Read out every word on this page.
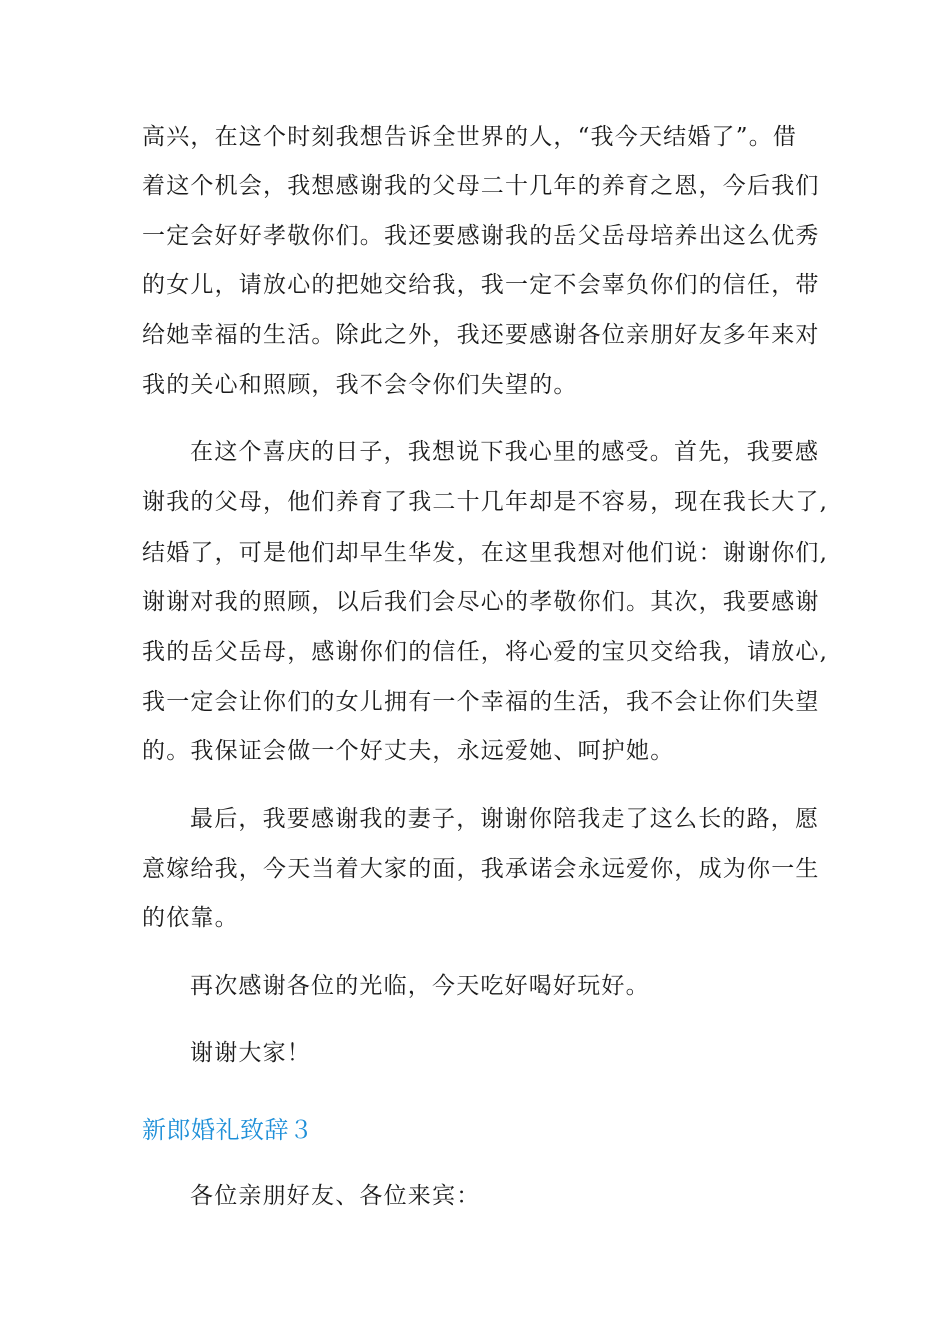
高兴，在这个时刻我想告诉全世界的人，“我今天结婚了”。借
着这个机会，我想感谢我的父母二十几年的养育之恩，今后我们
一定会好好孝敬你们。我还要感谢我的岳父岳母培养出这么优秀
的女儿，请放心的把她交给我，我一定不会辜负你们的信任，带
给她幸福的生活。除此之外，我还要感谢各位亲朋好友多年来对
我的关心和照顾，我不会令你们失望的。
在这个喜庆的日子，我想说下我心里的感受。首先，我要感
谢我的父母，他们养育了我二十几年却是不容易，现在我长大了,
结婚了，可是他们却早生华发，在这里我想对他们说：谢谢你们,
谢谢对我的照顾，以后我们会尽心的孝敬你们。其次，我要感谢
我的岳父岳母，感谢你们的信任，将心爱的宝贝交给我，请放心,
我一定会让你们的女儿拥有一个幸福的生活，我不会让你们失望
的。我保证会做一个好丈夫，永远爱她、呵护她。
最后，我要感谢我的妻子，谢谢你陪我走了这么长的路，愿
意嫁给我，今天当着大家的面，我承诺会永远爱你，成为你一生
的依靠。
再次感谢各位的光临，今天吃好喝好玩好。
谢谢大家！
新郎婚礼致辞３
各位亲朋好友、各位来宾：
